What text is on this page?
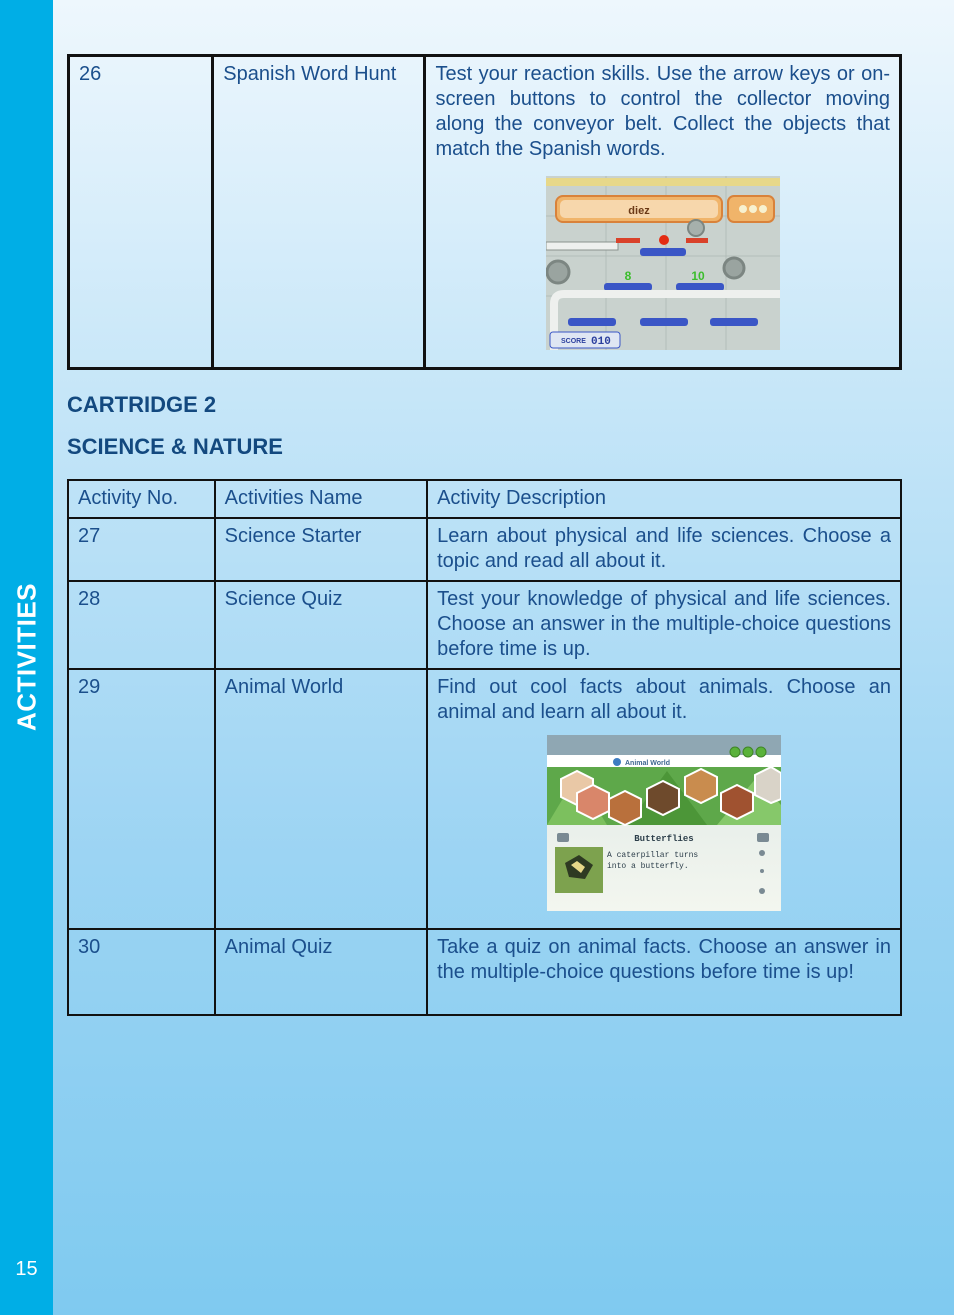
ACTIVITIES
15
26	Spanish Word Hunt	Test your reaction skills. Use the arrow keys or on-screen buttons to control the collector moving along the conveyor belt. Collect the objects that match the Spanish words.
diez
8	10
SCORE 010
CARTRIDGE 2
SCIENCE & NATURE
Activity No.	Activities Name	Activity Description
27	Science Starter	Learn about physical and life sciences. Choose a topic and read all about it.
28	Science Quiz	Test your knowledge of physical and life sciences. Choose an answer in the multiple-choice questions before time is up.
29	Animal World	Find out cool facts about animals. Choose an animal and learn all about it.
Animal World
Butterflies
A caterpillar turns
into a butterfly.

30	Animal Quiz	Take a quiz on animal facts. Choose an answer in the multiple-choice questions before time is up!
